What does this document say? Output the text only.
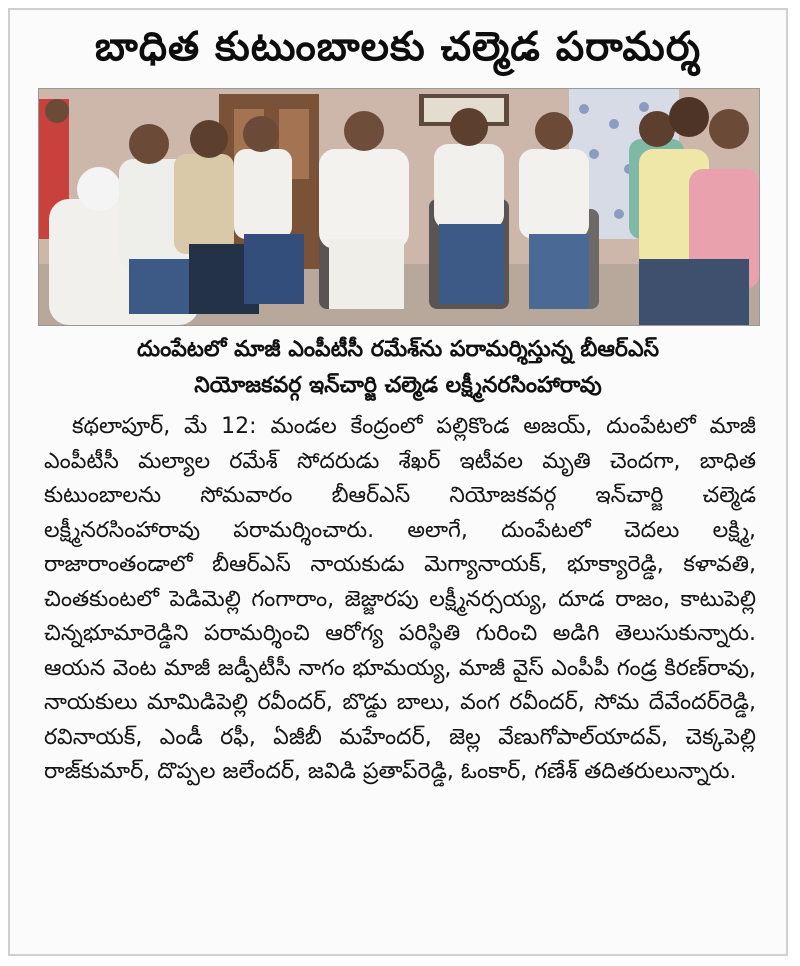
బాధిత కుటుంబాలకు చల్మెడ పరామర్శ
దుంపేటలో మాజీ ఎంపీటీసీ రమేశ్‌ను పరామర్శిస్తున్న బీఆర్ఎస్
నియోజకవర్గ ఇన్‌చార్జి చల్మెడ లక్ష్మీనరసింహారావు
కథలాపూర్, మే 12: మండల కేంద్రంలో పల్లికొండ అజయ్, దుంపేటలో మాజీ ఎంపీటీసీ మల్యాల రమేశ్ సోదరుడు శేఖర్ ఇటీవల మృతి చెందగా, బాధిత కుటుంబాలను సోమవారం బీఆర్ఎస్ నియోజకవర్గ ఇన్‌చార్జి చల్మెడ లక్ష్మీనరసింహారావు పరామర్శించారు. అలాగే, దుంపేటలో చెదలు లక్ష్మి, రాజారాంతండాలో బీఆర్ఎస్ నాయకుడు మెగ్యానాయక్, భూక్యారెడ్డి, కళావతి, చింతకుంటలో పెడిమెల్లి గంగారాం, జెజ్జారపు లక్ష్మీనర్సయ్య, దూడ రాజం, కాటుపెల్లి చిన్నభూమారెడ్డిని పరామర్శించి ఆరోగ్య పరిస్థితి గురించి అడిగి తెలుసుకున్నారు. ఆయన వెంట మాజీ జడ్పీటీసీ నాగం భూమయ్య, మాజీ వైస్ ఎంపీపీ గండ్ర కిరణ్‌రావు, నాయకులు మామిడిపెల్లి రవీందర్, బొడ్డు బాలు, వంగ రవీందర్, సోమ దేవేందర్‌రెడ్డి, రవినాయక్, ఎండీ రఫీ, ఏజీబీ మహేందర్, జెల్ల వేణుగోపాల్‌యాదవ్, చెక్కపెల్లి రాజ్‌కుమార్, దొప్పల జలేందర్, జవిడి ప్రతాప్‌రెడ్డి, ఓంకార్, గణేశ్ తదితరులున్నారు.
